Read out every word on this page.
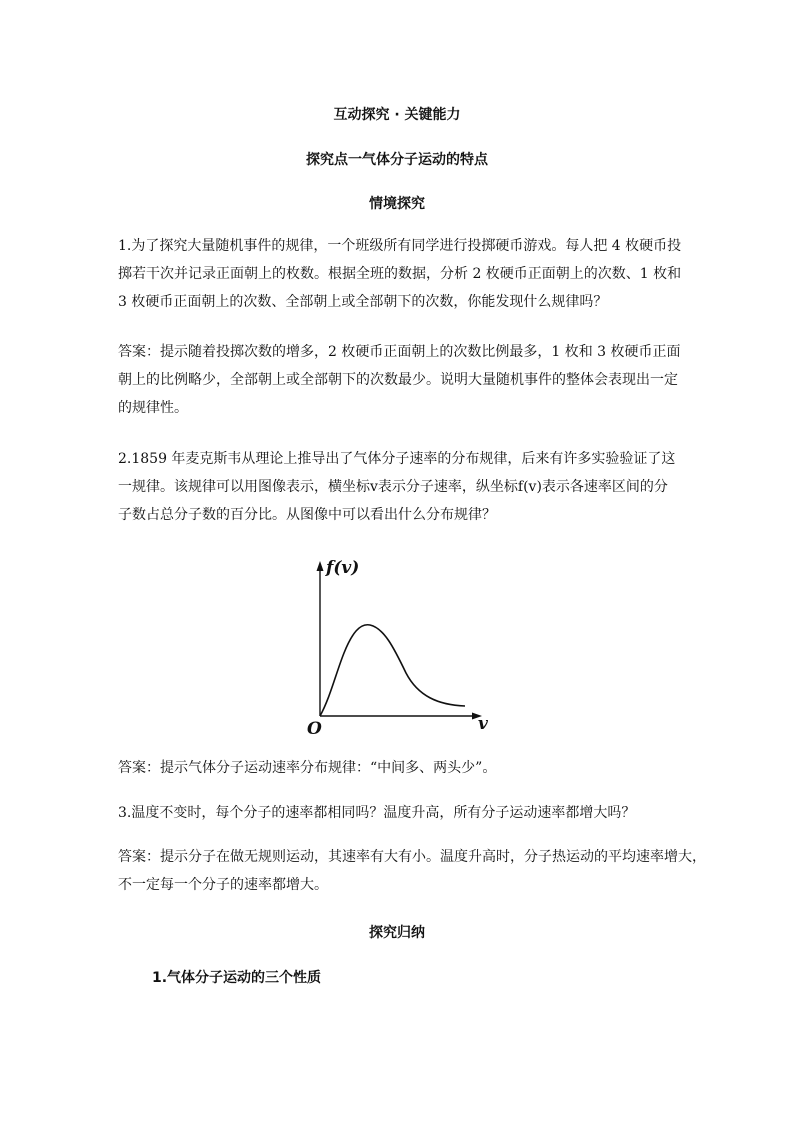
互动探究 · 关键能力
探究点一气体分子运动的特点
情境探究
1.为了探究大量随机事件的规律，一个班级所有同学进行投掷硬币游戏。每人把 4 枚硬币投
掷若干次并记录正面朝上的枚数。根据全班的数据，分析 2 枚硬币正面朝上的次数、1 枚和
3 枚硬币正面朝上的次数、全部朝上或全部朝下的次数，你能发现什么规律吗？
答案：提示随着投掷次数的增多，2 枚硬币正面朝上的次数比例最多，1 枚和 3 枚硬币正面
朝上的比例略少，全部朝上或全部朝下的次数最少。说明大量随机事件的整体会表现出一定
的规律性。
2.1859 年麦克斯韦从理论上推导出了气体分子速率的分布规律，后来有许多实验验证了这
一规律。该规律可以用图像表示，横坐标v表示分子速率，纵坐标f(v)表示各速率区间的分
子数占总分子数的百分比。从图像中可以看出什么分布规律？
f(v)
v
O
答案：提示气体分子运动速率分布规律：“中间多、两头少”。
3.温度不变时，每个分子的速率都相同吗？温度升高，所有分子运动速率都增大吗？
答案：提示分子在做无规则运动，其速率有大有小。温度升高时，分子热运动的平均速率增大，
不一定每一个分子的速率都增大。
探究归纳
1.气体分子运动的三个性质
